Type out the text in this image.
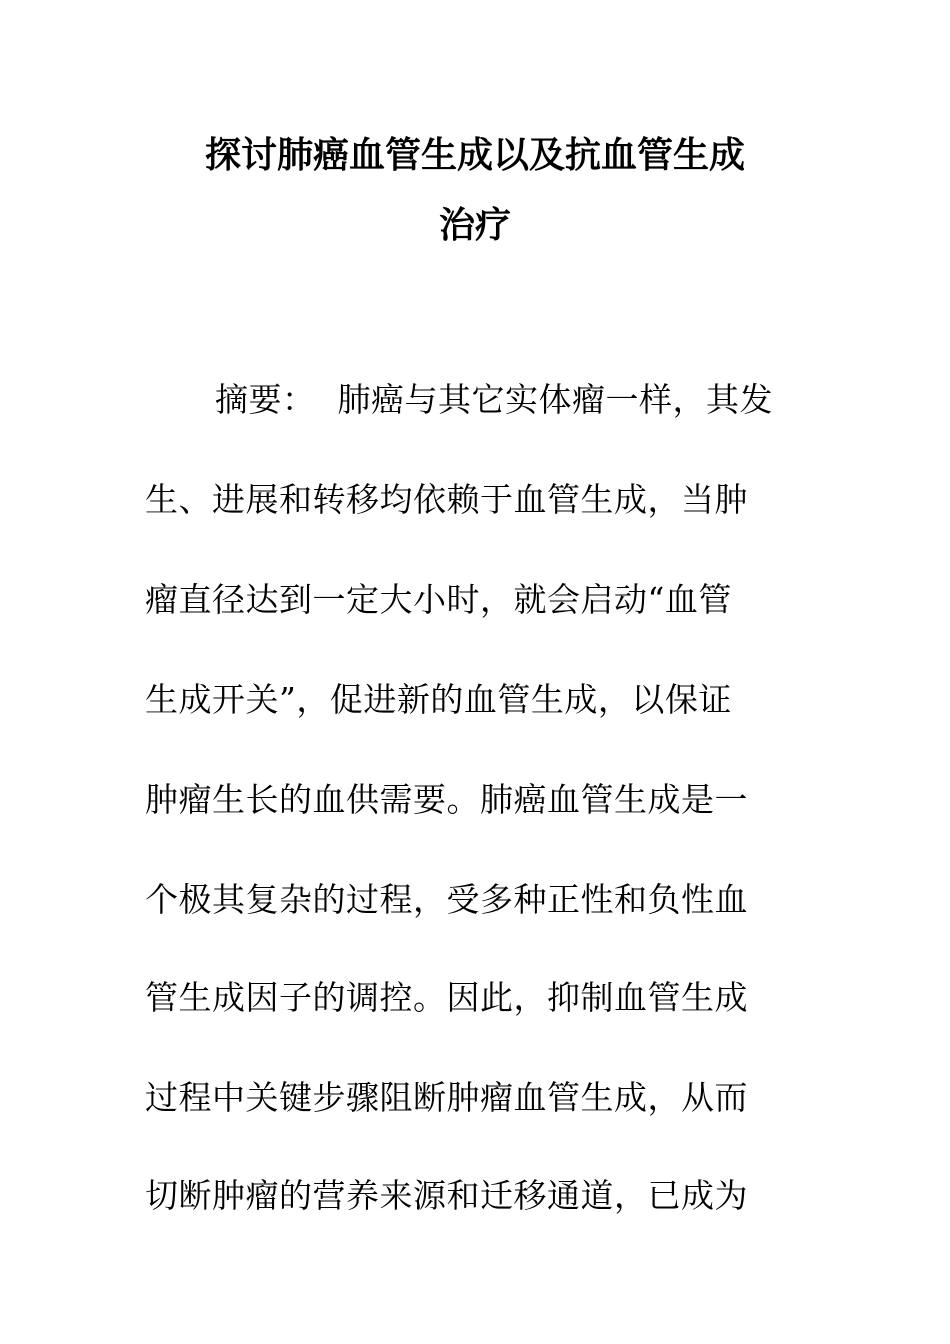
探讨肺癌血管生成以及抗血管生成
治疗
摘要： 肺癌与其它实体瘤一样，其发
生、进展和转移均依赖于血管生成，当肿
瘤直径达到一定大小时，就会启动“血管
生成开关”，促进新的血管生成，以保证
肿瘤生长的血供需要。肺癌血管生成是一
个极其复杂的过程，受多种正性和负性血
管生成因子的调控。因此，抑制血管生成
过程中关键步骤阻断肿瘤血管生成，从而
切断肿瘤的营养来源和迁移通道，已成为
